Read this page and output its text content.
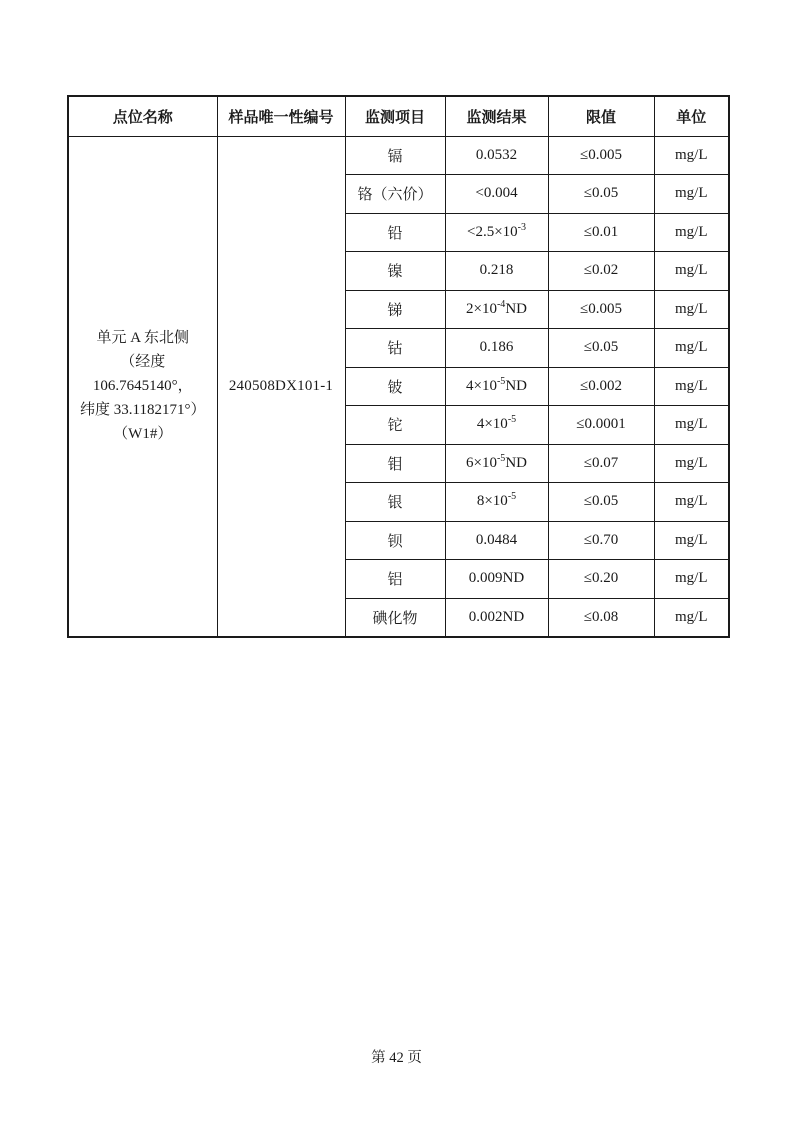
点位名称	样品唯一性编号	监测项目	监测结果	限值	单位

单元 A 东北侧
（经度 106.7645140°，
纬度 33.1182171°）
（W1#）	240508DX101-1	镉	0.0532	≤0.005	mg/L
		铬（六价）	<0.004	≤0.05	mg/L
		铅	$<2.5\times 10^{-3}$	≤0.01	mg/L
		镍	0.218	≤0.02	mg/L
		锑	$2\times 10^{-4}ND$	≤0.005	mg/L
		钴	0.186	≤0.05	mg/L
		铍	$4\times 10^{-5}ND$	≤0.002	mg/L
		铊	$4\times 10^{-5}$	≤0.0001	mg/L
		钼	$6\times 10^{-5}ND$	≤0.07	mg/L
		银	$8\times 10^{-5}$	≤0.05	mg/L
		钡	0.0484	≤0.70	mg/L
		铝	0.009ND	≤0.20	mg/L
		碘化物	0.002ND	≤0.08	mg/L
第 42 页
